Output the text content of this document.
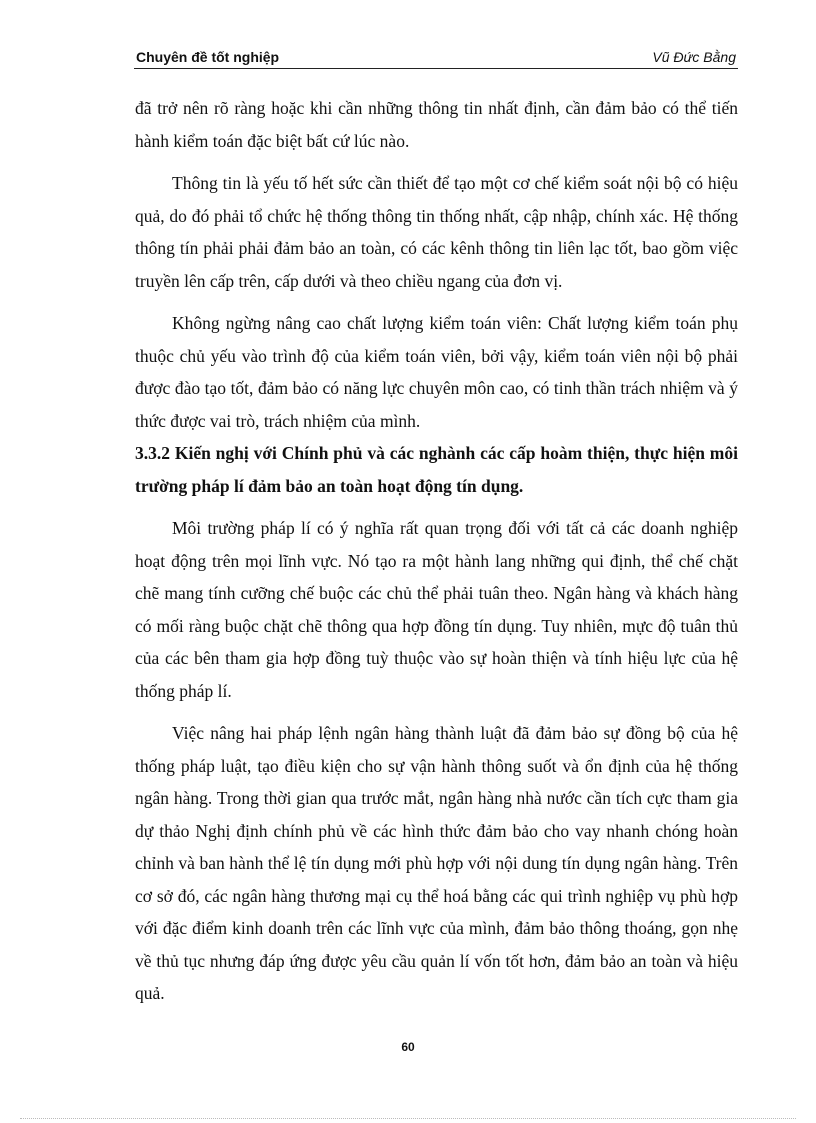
Chuyên đề tốt nghiệp	Vũ Đức Bằng

đã trở nên rõ ràng hoặc khi cần những thông tin nhất định, cần đảm bảo có thể tiến hành kiểm toán đặc biệt bất cứ lúc nào.

Thông tin là yếu tố hết sức cần thiết để tạo một cơ chế kiểm soát nội bộ có hiệu quả, do đó phải tổ chức hệ thống thông tin thống nhất, cập nhập, chính xác. Hệ thống thông tín phải phải đảm bảo an toàn, có các kênh thông tin liên lạc tốt, bao gồm việc truyền lên cấp trên, cấp dưới và theo chiều ngang của đơn vị.

Không ngừng nâng cao chất lượng kiểm toán viên: Chất lượng kiểm toán phụ thuộc chủ yếu vào trình độ của kiểm toán viên, bởi vậy, kiểm toán viên nội bộ phải được đào tạo tốt, đảm bảo có năng lực chuyên môn cao, có tinh thần trách nhiệm và ý thức được vai trò, trách nhiệm của mình.

3.3.2 Kiến nghị với Chính phủ và các nghành các cấp hoàm thiện, thực hiện môi trường pháp lí đảm bảo an toàn hoạt động tín dụng.

Môi trường pháp lí có ý nghĩa rất quan trọng đối với tất cả các doanh nghiệp hoạt động trên mọi lĩnh vực. Nó tạo ra một hành lang những qui định, thể chế chặt chẽ mang tính cưỡng chế buộc các chủ thể phải tuân theo. Ngân hàng và khách hàng có mối ràng buộc chặt chẽ thông qua hợp đồng tín dụng. Tuy nhiên, mực độ tuân thủ của các bên tham gia hợp đồng tuỳ thuộc vào sự hoàn thiện và tính hiệu lực của hệ thống pháp lí.

Việc nâng hai pháp lệnh ngân hàng thành luật đã đảm bảo sự đồng bộ của hệ thống pháp luật, tạo điều kiện cho sự vận hành thông suốt và ổn định của hệ thống ngân hàng. Trong thời gian qua trước mắt, ngân hàng nhà nước cần tích cực tham gia dự thảo Nghị định chính phủ về các hình thức đảm bảo cho vay nhanh chóng hoàn chỉnh và ban hành thể lệ tín dụng mới phù hợp với nội dung tín dụng ngân hàng. Trên cơ sở đó, các ngân hàng thương mại cụ thể hoá bằng các qui trình nghiệp vụ phù hợp với đặc điểm kinh doanh trên các lĩnh vực của mình, đảm bảo thông thoáng, gọn nhẹ về thủ tục nhưng đáp ứng được yêu cầu quản lí vốn tốt hơn, đảm bảo an toàn và hiệu quả.

60
